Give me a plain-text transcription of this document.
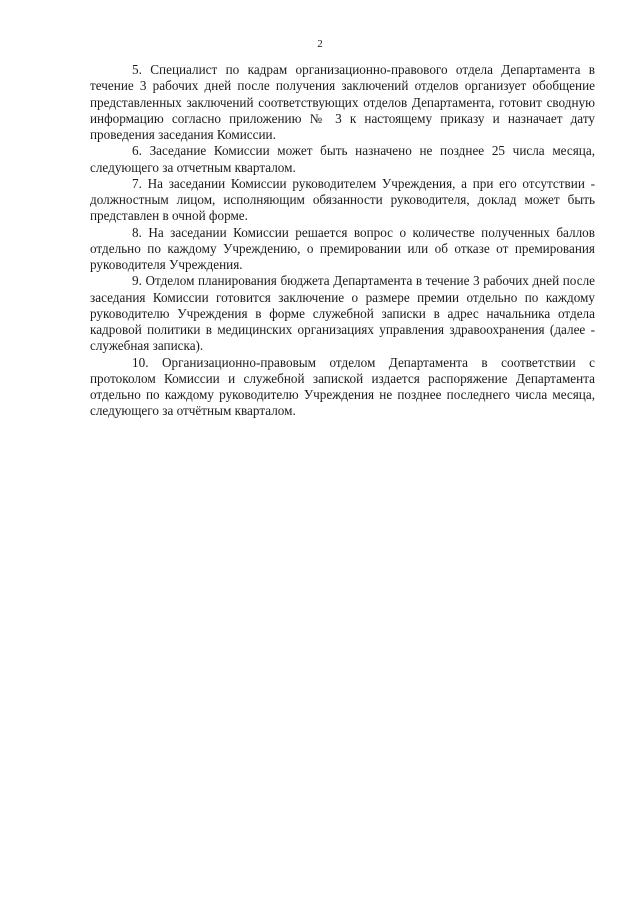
2

5. Специалист по кадрам организационно-правового отдела Департамента в течение 3 рабочих дней после получения заключений отделов организует обобщение представленных заключений соответствующих отделов Департамента, готовит сводную информацию согласно приложению № 3 к настоящему приказу и назначает дату проведения заседания Комиссии.

6. Заседание Комиссии может быть назначено не позднее 25 числа месяца, следующего за отчетным кварталом.

7. На заседании Комиссии руководителем Учреждения, а при его отсутствии - должностным лицом, исполняющим обязанности руководителя, доклад может быть представлен в очной форме.

8. На заседании Комиссии решается вопрос о количестве полученных баллов отдельно по каждому Учреждению, о премировании или об отказе от премирования руководителя Учреждения.

9. Отделом планирования бюджета Департамента в течение 3 рабочих дней после заседания Комиссии готовится заключение о размере премии отдельно по каждому руководителю Учреждения в форме служебной записки в адрес начальника отдела кадровой политики в медицинских организациях управления здравоохранения (далее - служебная записка).

10. Организационно-правовым отделом Департамента в соответствии с протоколом Комиссии и служебной запиской издается распоряжение Департамента отдельно по каждому руководителю Учреждения не позднее последнего числа месяца, следующего за отчётным кварталом.
